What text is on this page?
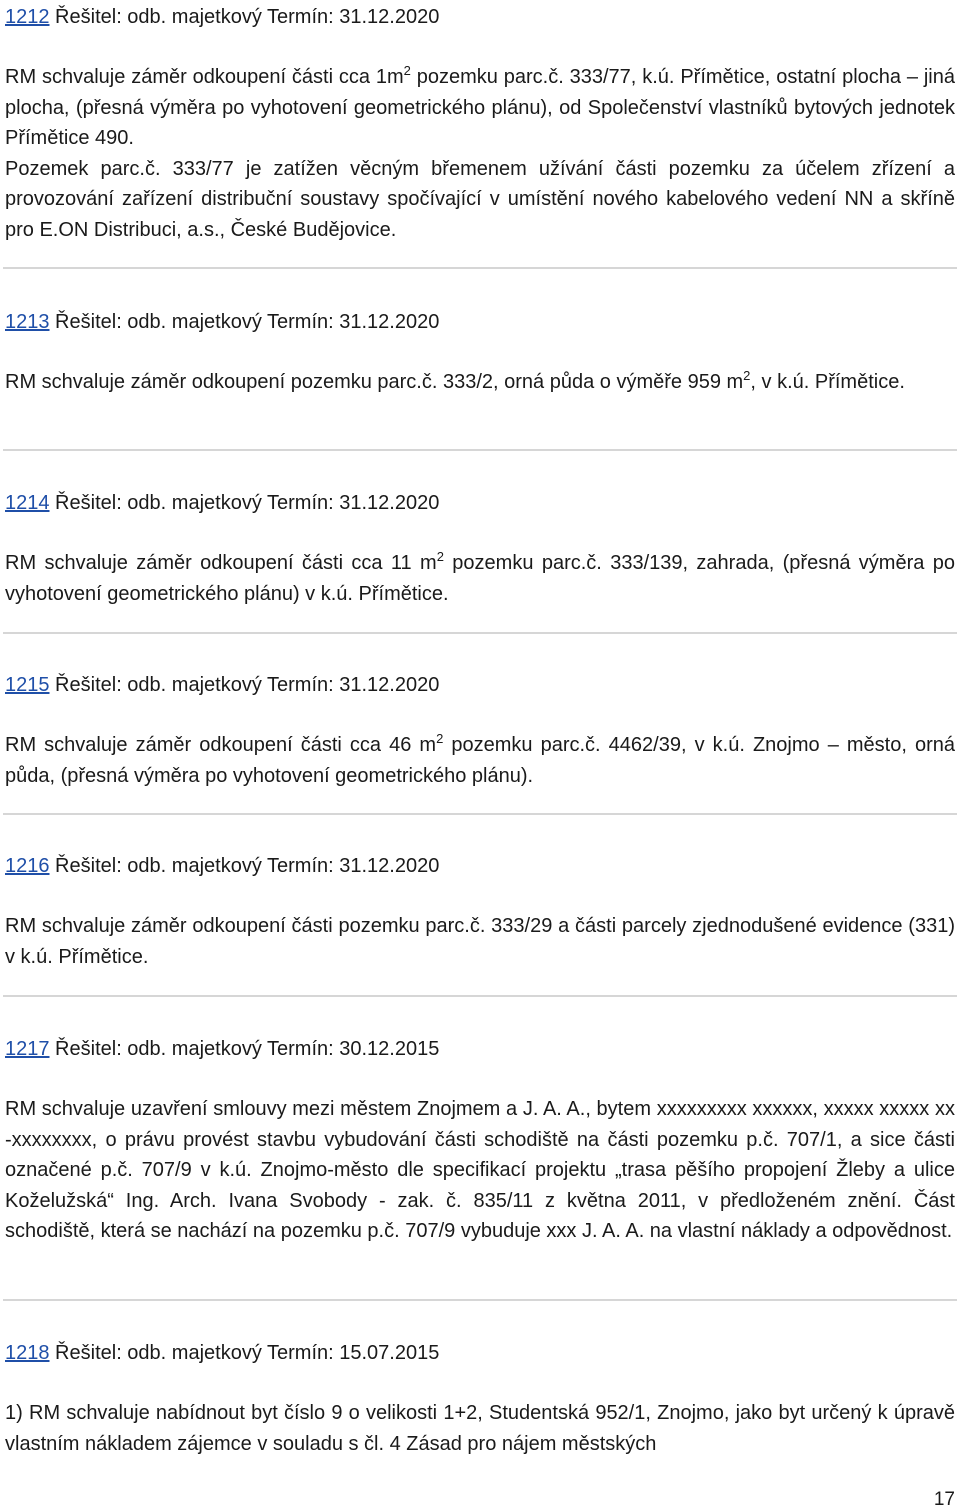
1212 Řešitel: odb. majetkový Termín: 31.12.2020

RM schvaluje záměr odkoupení části cca $1m^2$ pozemku parc.č. 333/77, k.ú. Přímětice, ostatní plocha – jiná plocha, (přesná výměra po vyhotovení geometrického plánu), od Společenství vlastníků bytových jednotek Přímětice 490.

Pozemek parc.č. 333/77 je zatížen věcným břemenem užívání části pozemku za účelem zřízení a provozování zařízení distribuční soustavy spočívající v umístění nového kabelového vedení NN a skříně pro E.ON Distribuci, a.s., České Budějovice.

1213 Řešitel: odb. majetkový Termín: 31.12.2020

RM schvaluje záměr odkoupení pozemku parc.č. 333/2, orná půda o výměře 959 $m^2$, v k.ú. Přímětice.

1214 Řešitel: odb. majetkový Termín: 31.12.2020

RM schvaluje záměr odkoupení části cca 11 $m^2$ pozemku parc.č. 333/139, zahrada, (přesná výměra po vyhotovení geometrického plánu) v k.ú. Přímětice.

1215 Řešitel: odb. majetkový Termín: 31.12.2020

RM schvaluje záměr odkoupení části cca 46 $m^2$ pozemku parc.č. 4462/39, v k.ú. Znojmo – město, orná půda, (přesná výměra po vyhotovení geometrického plánu).

1216 Řešitel: odb. majetkový Termín: 31.12.2020

RM schvaluje záměr odkoupení části pozemku parc.č. 333/29 a části parcely zjednodušené evidence (331) v k.ú. Přímětice.

1217 Řešitel: odb. majetkový Termín: 30.12.2015

RM schvaluje uzavření smlouvy mezi městem Znojmem a J. A. A., bytem xxxxxxxxx xxxxxx, xxxxx xxxxx xx -xxxxxxxx, o právu provést stavbu vybudování části schodiště na části pozemku p.č. 707/1, a sice části označené p.č. 707/9 v k.ú. Znojmo-město dle specifikací projektu „trasa pěšího propojení Žleby a ulice Koželužská“ Ing. Arch. Ivana Svobody - zak. č. 835/11 z května 2011, v předloženém znění. Část schodiště, která se nachází na pozemku p.č. 707/9 vybuduje xxx J. A. A. na vlastní náklady a odpovědnost.

1218 Řešitel: odb. majetkový Termín: 15.07.2015

1) RM schvaluje nabídnout byt číslo 9 o velikosti 1+2, Studentská 952/1, Znojmo, jako byt určený k úpravě vlastním nákladem zájemce v souladu s čl. 4 Zásad pro nájem městských

17
